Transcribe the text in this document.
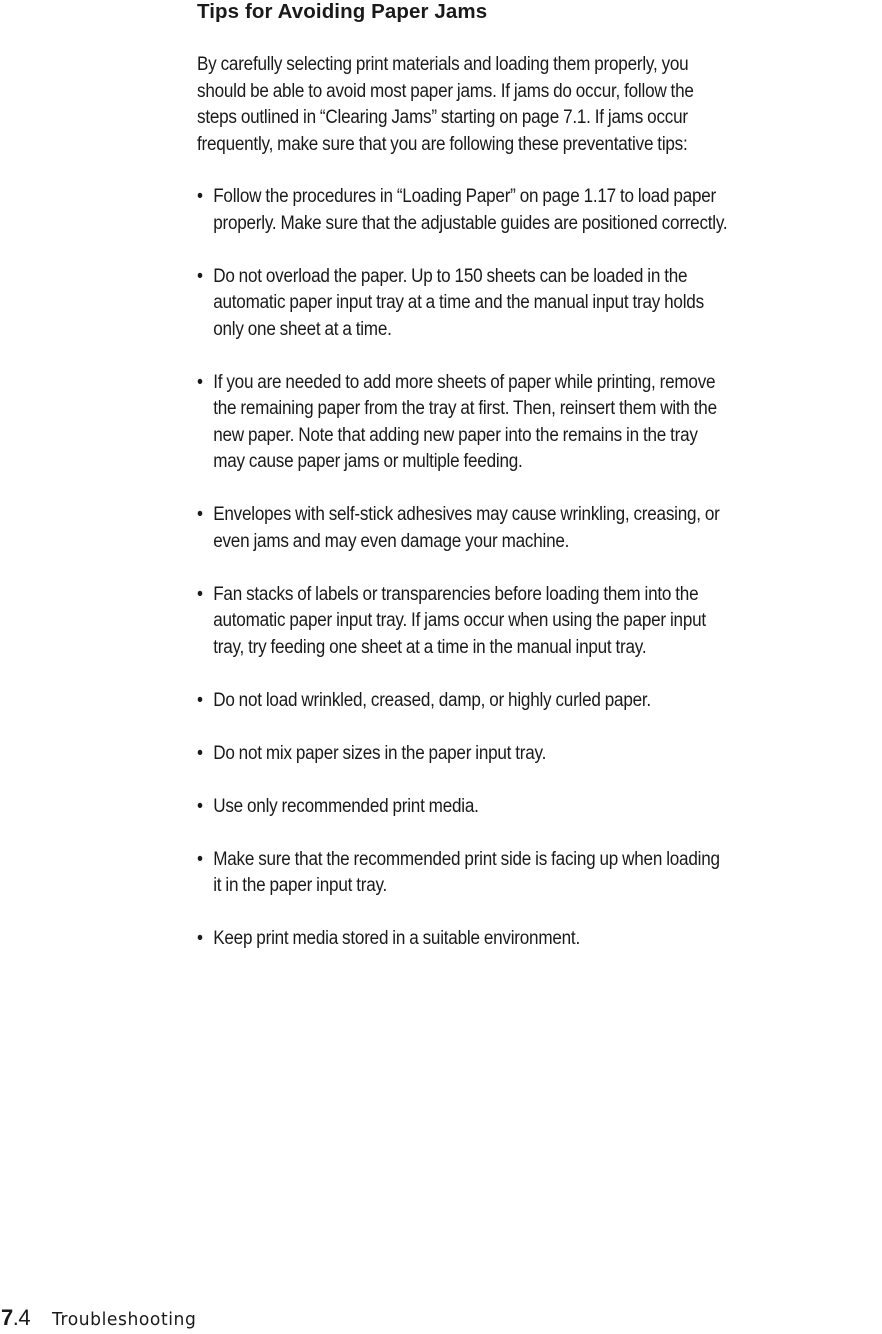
Tips for Avoiding Paper Jams

By carefully selecting print materials and loading them properly, you
should be able to avoid most paper jams. If jams do occur, follow the
steps outlined in “Clearing Jams” starting on page 7.1. If jams occur
frequently, make sure that you are following these preventative tips:

• Follow the procedures in “Loading Paper” on page 1.17 to load paper
properly. Make sure that the adjustable guides are positioned correctly.
• Do not overload the paper. Up to 150 sheets can be loaded in the
automatic paper input tray at a time and the manual input tray holds
only one sheet at a time.
• If you are needed to add more sheets of paper while printing, remove
the remaining paper from the tray at first. Then, reinsert them with the
new paper. Note that adding new paper into the remains in the tray
may cause paper jams or multiple feeding.
• Envelopes with self-stick adhesives may cause wrinkling, creasing, or
even jams and may even damage your machine.
• Fan stacks of labels or transparencies before loading them into the
automatic paper input tray. If jams occur when using the paper input
tray, try feeding one sheet at a time in the manual input tray.
• Do not load wrinkled, creased, damp, or highly curled paper.
• Do not mix paper sizes in the paper input tray.
• Use only recommended print media.
• Make sure that the recommended print side is facing up when loading
it in the paper input tray.
• Keep print media stored in a suitable environment.
7.4 Troubleshooting
